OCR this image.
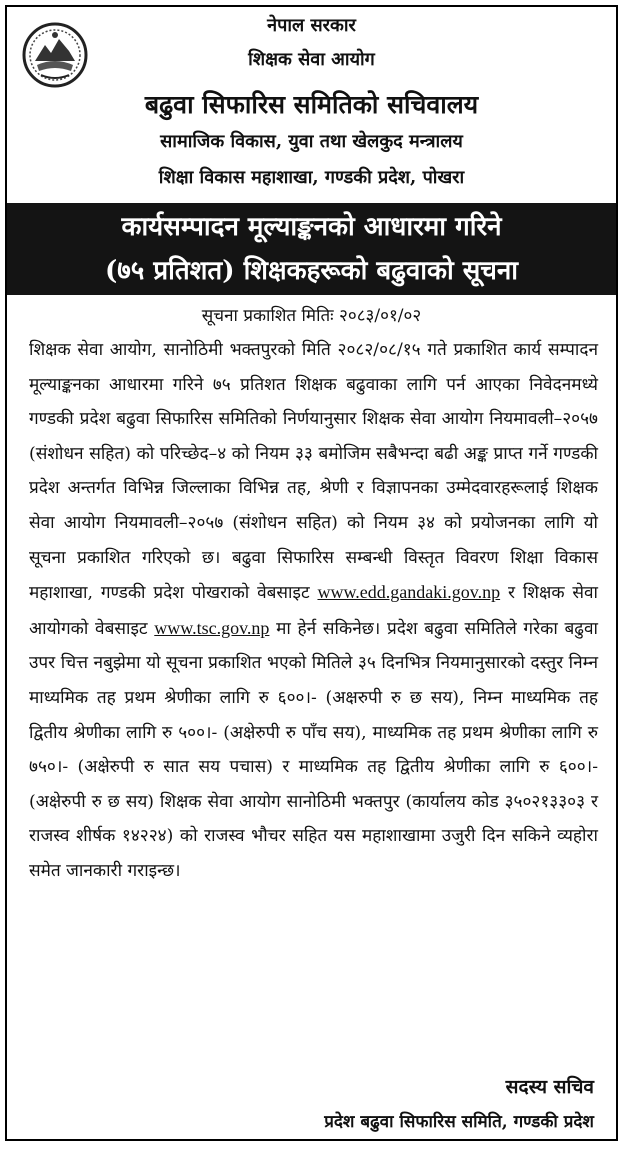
नेपाल सरकार
शिक्षक सेवा आयोग
बढुवा सिफारिस समितिको सचिवालय
सामाजिक विकास, युवा तथा खेलकुद मन्त्रालय
शिक्षा विकास महाशाखा, गण्डकी प्रदेश, पोखरा
कार्यसम्पादन मूल्याङ्कनको आधारमा गरिने
(७५ प्रतिशत) शिक्षकहरूको बढुवाको सूचना
सूचना प्रकाशित मितिः २०८३/०१/०२
शिक्षक सेवा आयोग, सानोठिमी भक्तपुरको मिति २०८२/०८/१५ गते प्रकाशित कार्य सम्पादन मूल्याङ्कनका आधारमा गरिने ७५ प्रतिशत शिक्षक बढुवाका लागि पर्न आएका निवेदनमध्ये गण्डकी प्रदेश बढुवा सिफारिस समितिको निर्णयानुसार शिक्षक सेवा आयोग नियमावली–२०५७ (संशोधन सहित) को परिच्छेद–४ को नियम ३३ बमोजिम सबैभन्दा बढी अङ्क प्राप्त गर्ने गण्डकी प्रदेश अन्तर्गत विभिन्न जिल्लाका विभिन्न तह, श्रेणी र विज्ञापनका उम्मेदवारहरूलाई शिक्षक सेवा आयोग नियमावली–२०५७ (संशोधन सहित) को नियम ३४ को प्रयोजनका लागि यो सूचना प्रकाशित गरिएको छ। बढुवा सिफारिस सम्बन्धी विस्तृत विवरण शिक्षा विकास महाशाखा, गण्डकी प्रदेश पोखराको वेबसाइट www.edd.gandaki.gov.np र शिक्षक सेवा आयोगको वेबसाइट www.tsc.gov.np मा हेर्न सकिनेछ। प्रदेश बढुवा समितिले गरेका बढुवा उपर चित्त नबुझेमा यो सूचना प्रकाशित भएको मितिले ३५ दिनभित्र नियमानुसारको दस्तुर निम्न माध्यमिक तह प्रथम श्रेणीका लागि रु ६००।- (अक्षरुपी रु छ सय), निम्न माध्यमिक तह द्वितीय श्रेणीका लागि रु ५००।- (अक्षेरुपी रु पाँच सय), माध्यमिक तह प्रथम श्रेणीका लागि रु ७५०।- (अक्षेरुपी रु सात सय पचास) र माध्यमिक तह द्वितीय श्रेणीका लागि रु ६००।- (अक्षेरुपी रु छ सय) शिक्षक सेवा आयोग सानोठिमी भक्तपुर (कार्यालय कोड ३५०२१३३०३ र राजस्व शीर्षक १४२२४) को राजस्व भौचर सहित यस महाशाखामा उजुरी दिन सकिने व्यहोरा समेत जानकारी गराइन्छ।
सदस्य सचिव
प्रदेश बढुवा सिफारिस समिति, गण्डकी प्रदेश
